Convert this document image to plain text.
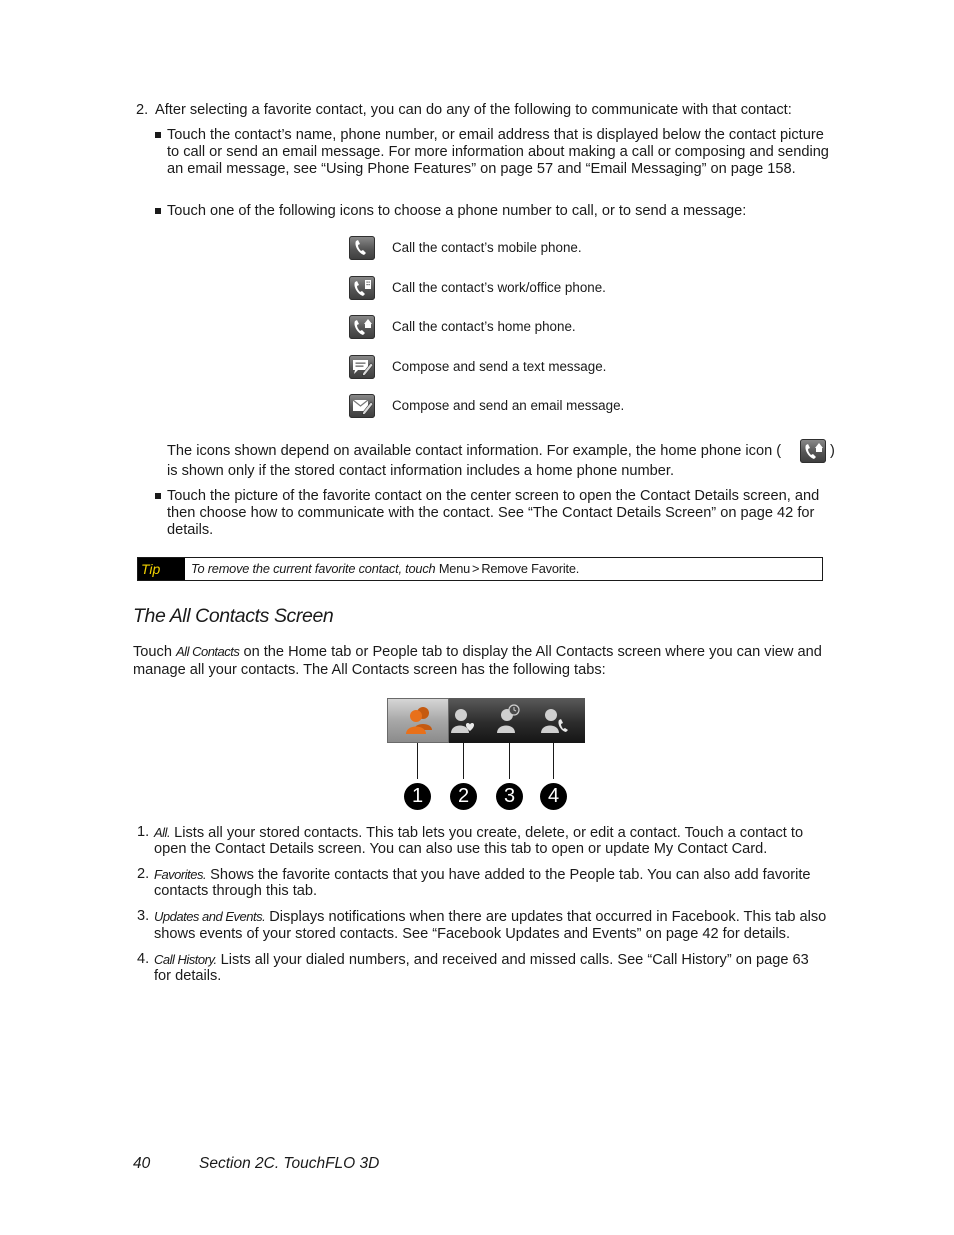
2. After selecting a favorite contact, you can do any of the following to communicate with that contact:
Touch the contact’s name, phone number, or email address that is displayed below the contact picture to call or send an email message. For more information about making a call or composing and sending an email message, see “Using Phone Features” on page 57 and “Email Messaging” on page 158.
Touch one of the following icons to choose a phone number to call, or to send a message:
Call the contact’s mobile phone.
Call the contact’s work/office phone.
Call the contact’s home phone.
Compose and send a text message.
Compose and send an email message.
The icons shown depend on available contact information. For example, the home phone icon (	)
is shown only if the stored contact information includes a home phone number.
Touch the picture of the favorite contact on the center screen to open the Contact Details screen, and then choose how to communicate with the contact. See “The Contact Details Screen” on page 42 for details.
Tip	To remove the current favorite contact, touch Menu > Remove Favorite.
The All Contacts Screen
Touch All Contacts on the Home tab or People tab to display the All Contacts screen where you can view and
manage all your contacts. The All Contacts screen has the following tabs:
1	2	3	4
1. All. Lists all your stored contacts. This tab lets you create, delete, or edit a contact. Touch a contact to
open the Contact Details screen. You can also use this tab to open or update My Contact Card.
2. Favorites. Shows the favorite contacts that you have added to the People tab. You can also add favorite
contacts through this tab.
3. Updates and Events. Displays notifications when there are updates that occurred in Facebook. This tab also
shows events of your stored contacts. See “Facebook Updates and Events” on page 42 for details.
4. Call History. Lists all your dialed numbers, and received and missed calls. See “Call History” on page 63
for details.
40	Section 2C. TouchFLO 3D
